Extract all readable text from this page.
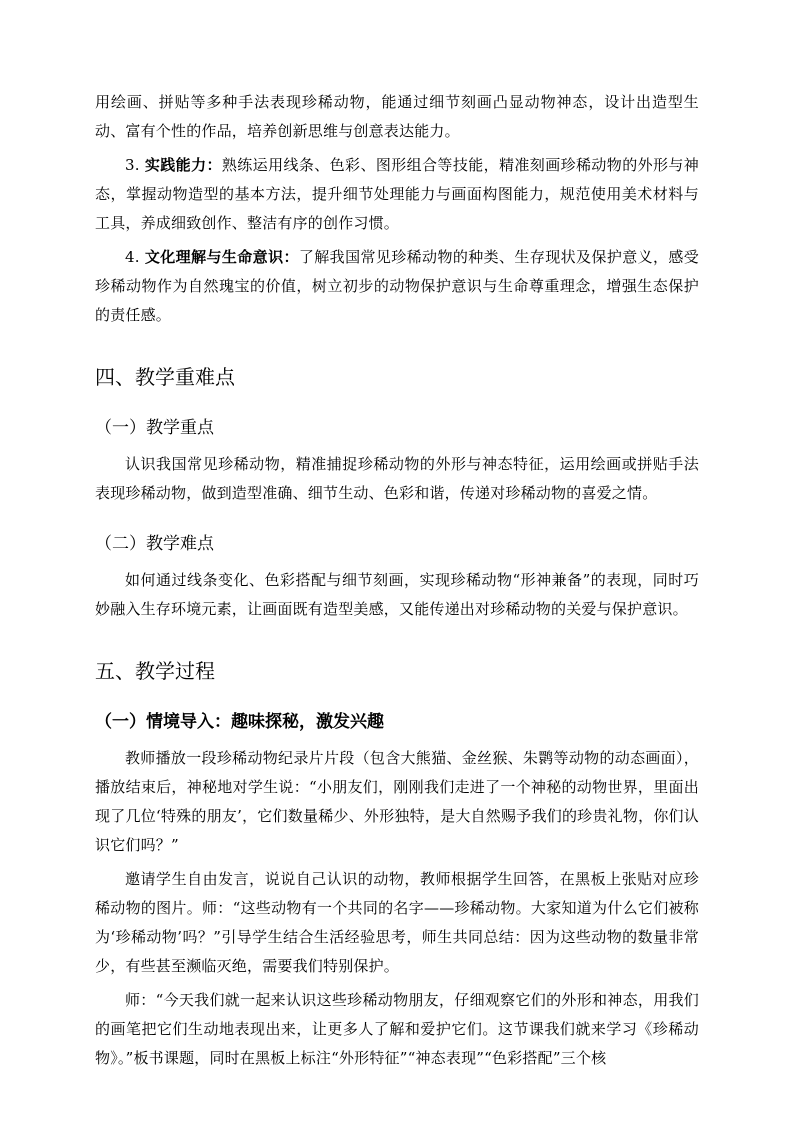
用绘画、拼贴等多种手法表现珍稀动物，能通过细节刻画凸显动物神态，设计出造型生动、富有个性的作品，培养创新思维与创意表达能力。

3. 实践能力：熟练运用线条、色彩、图形组合等技能，精准刻画珍稀动物的外形与神态，掌握动物造型的基本方法，提升细节处理能力与画面构图能力，规范使用美术材料与工具，养成细致创作、整洁有序的创作习惯。

4. 文化理解与生命意识：了解我国常见珍稀动物的种类、生存现状及保护意义，感受珍稀动物作为自然瑰宝的价值，树立初步的动物保护意识与生命尊重理念，增强生态保护的责任感。

四、教学重难点
（一）教学重点

认识我国常见珍稀动物，精准捕捉珍稀动物的外形与神态特征，运用绘画或拼贴手法表现珍稀动物，做到造型准确、细节生动、色彩和谐，传递对珍稀动物的喜爱之情。

（二）教学难点

如何通过线条变化、色彩搭配与细节刻画，实现珍稀动物“形神兼备”的表现，同时巧妙融入生存环境元素，让画面既有造型美感，又能传递出对珍稀动物的关爱与保护意识。

五、教学过程
（一）情境导入：趣味探秘，激发兴趣

教师播放一段珍稀动物纪录片片段（包含大熊猫、金丝猴、朱鹮等动物的动态画面），播放结束后，神秘地对学生说：“小朋友们，刚刚我们走进了一个神秘的动物世界，里面出现了几位‘特殊的朋友’，它们数量稀少、外形独特，是大自然赐予我们的珍贵礼物，你们认识它们吗？”

邀请学生自由发言，说说自己认识的动物，教师根据学生回答，在黑板上张贴对应珍稀动物的图片。师：“这些动物有一个共同的名字——珍稀动物。大家知道为什么它们被称为‘珍稀动物’吗？”引导学生结合生活经验思考，师生共同总结：因为这些动物的数量非常少，有些甚至濒临灭绝，需要我们特别保护。

师：“今天我们就一起来认识这些珍稀动物朋友，仔细观察它们的外形和神态，用我们的画笔把它们生动地表现出来，让更多人了解和爱护它们。这节课我们就来学习《珍稀动物》。”板书课题，同时在黑板上标注“外形特征”“神态表现”“色彩搭配”三个核
